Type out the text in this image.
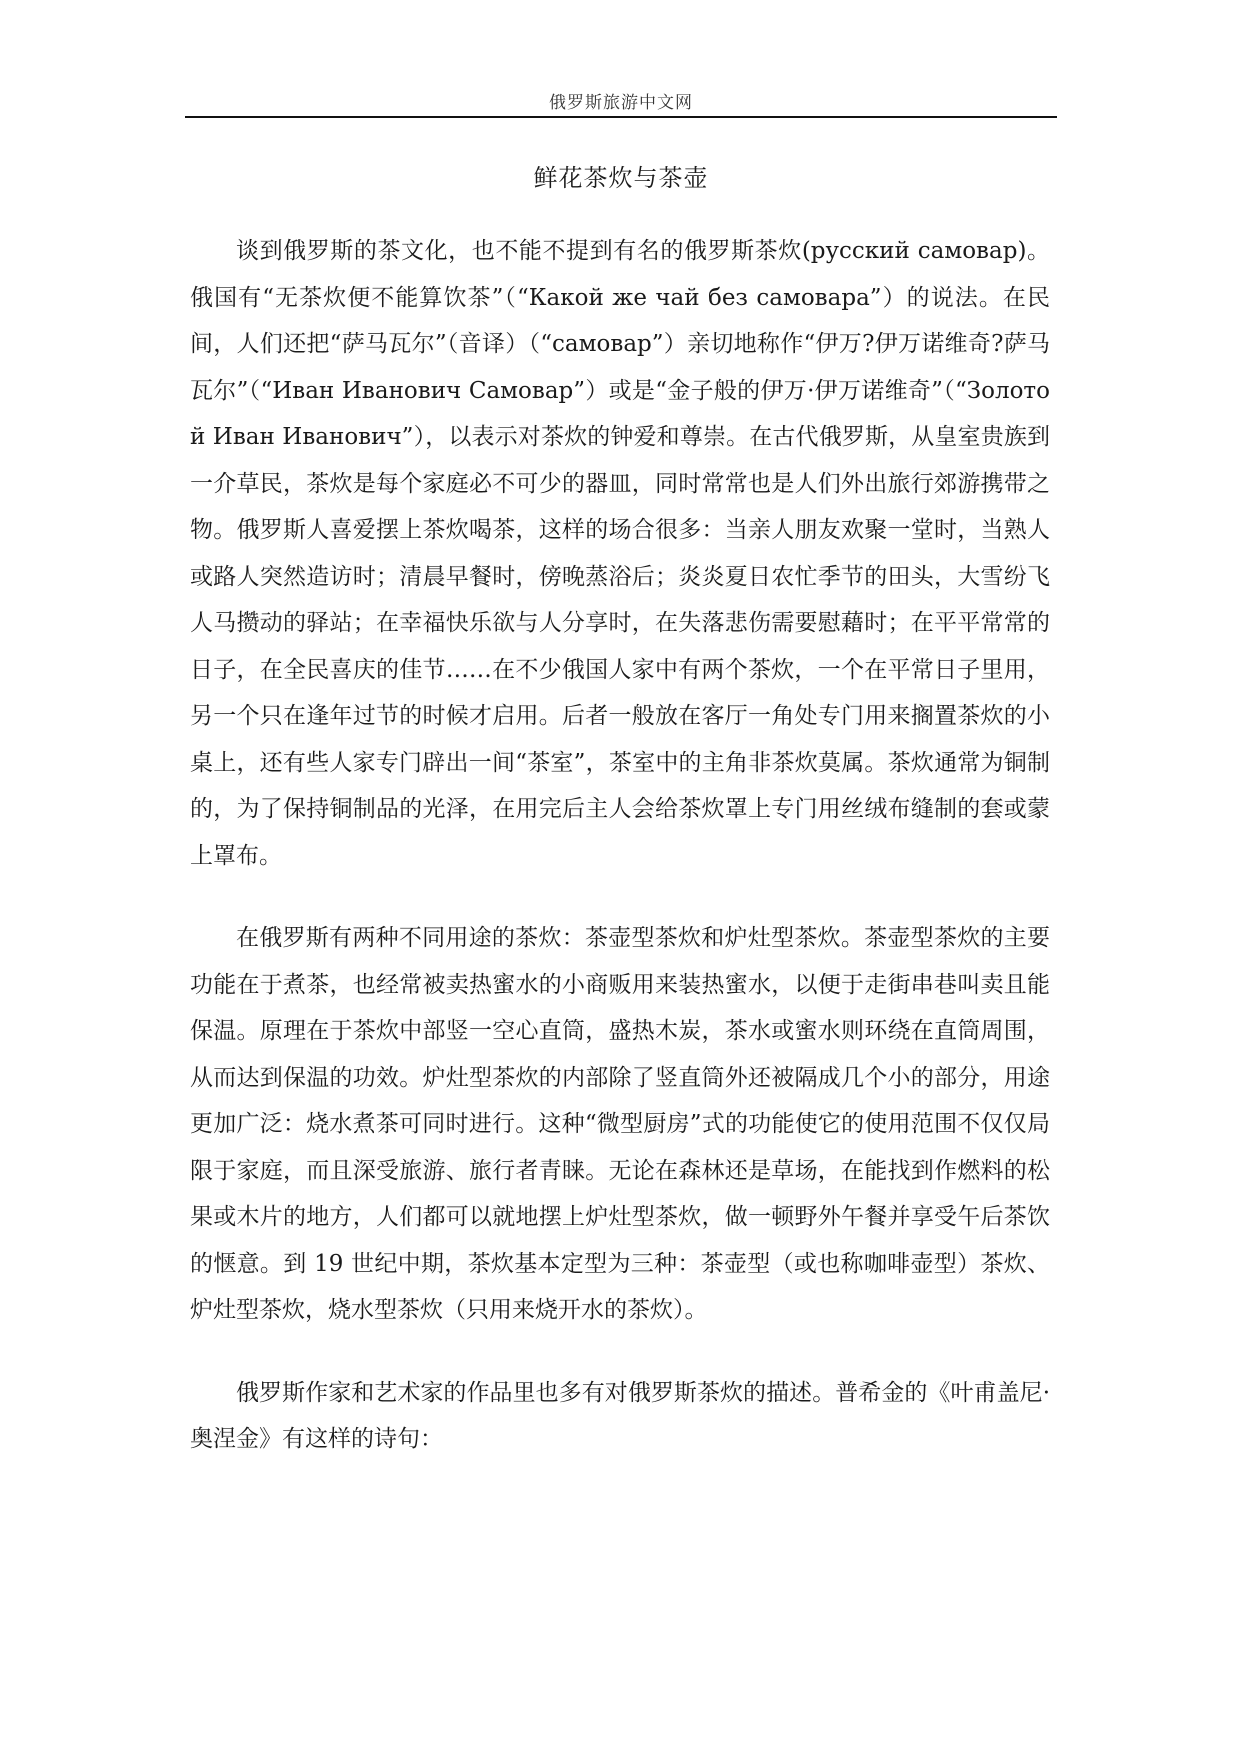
俄罗斯旅游中文网
鲜花茶炊与茶壶

谈到俄罗斯的茶文化，也不能不提到有名的俄罗斯茶炊(русский самовар)。俄国有“无茶炊便不能算饮茶”（“Какой же чай без самовара”）的说法。在民间，人们还把“萨马瓦尔”（音译）（“самовар”）亲切地称作“伊万?伊万诺维奇?萨马瓦尔”（“Иван Иванович Самовар”）或是“金子般的伊万·伊万诺维奇”（“Золотой Иван Иванович”），以表示对茶炊的钟爱和尊崇。在古代俄罗斯，从皇室贵族到一介草民，茶炊是每个家庭必不可少的器皿，同时常常也是人们外出旅行郊游携带之物。俄罗斯人喜爱摆上茶炊喝茶，这样的场合很多：当亲人朋友欢聚一堂时，当熟人或路人突然造访时；清晨早餐时，傍晚蒸浴后；炎炎夏日农忙季节的田头，大雪纷飞人马攒动的驿站；在幸福快乐欲与人分享时，在失落悲伤需要慰藉时；在平平常常的日子，在全民喜庆的佳节……在不少俄国人家中有两个茶炊，一个在平常日子里用，另一个只在逢年过节的时候才启用。后者一般放在客厅一角处专门用来搁置茶炊的小桌上，还有些人家专门辟出一间“茶室”，茶室中的主角非茶炊莫属。茶炊通常为铜制的，为了保持铜制品的光泽，在用完后主人会给茶炊罩上专门用丝绒布缝制的套或蒙上罩布。

在俄罗斯有两种不同用途的茶炊：茶壶型茶炊和炉灶型茶炊。茶壶型茶炊的主要功能在于煮茶，也经常被卖热蜜水的小商贩用来装热蜜水，以便于走街串巷叫卖且能保温。原理在于茶炊中部竖一空心直筒，盛热木炭，茶水或蜜水则环绕在直筒周围，从而达到保温的功效。炉灶型茶炊的内部除了竖直筒外还被隔成几个小的部分，用途更加广泛：烧水煮茶可同时进行。这种“微型厨房”式的功能使它的使用范围不仅仅局限于家庭，而且深受旅游、旅行者青睐。无论在森林还是草场，在能找到作燃料的松果或木片的地方，人们都可以就地摆上炉灶型茶炊，做一顿野外午餐并享受午后茶饮的惬意。到 19 世纪中期，茶炊基本定型为三种：茶壶型（或也称咖啡壶型）茶炊、炉灶型茶炊，烧水型茶炊（只用来烧开水的茶炊）。

俄罗斯作家和艺术家的作品里也多有对俄罗斯茶炊的描述。普希金的《叶甫盖尼·奥涅金》有这样的诗句：
